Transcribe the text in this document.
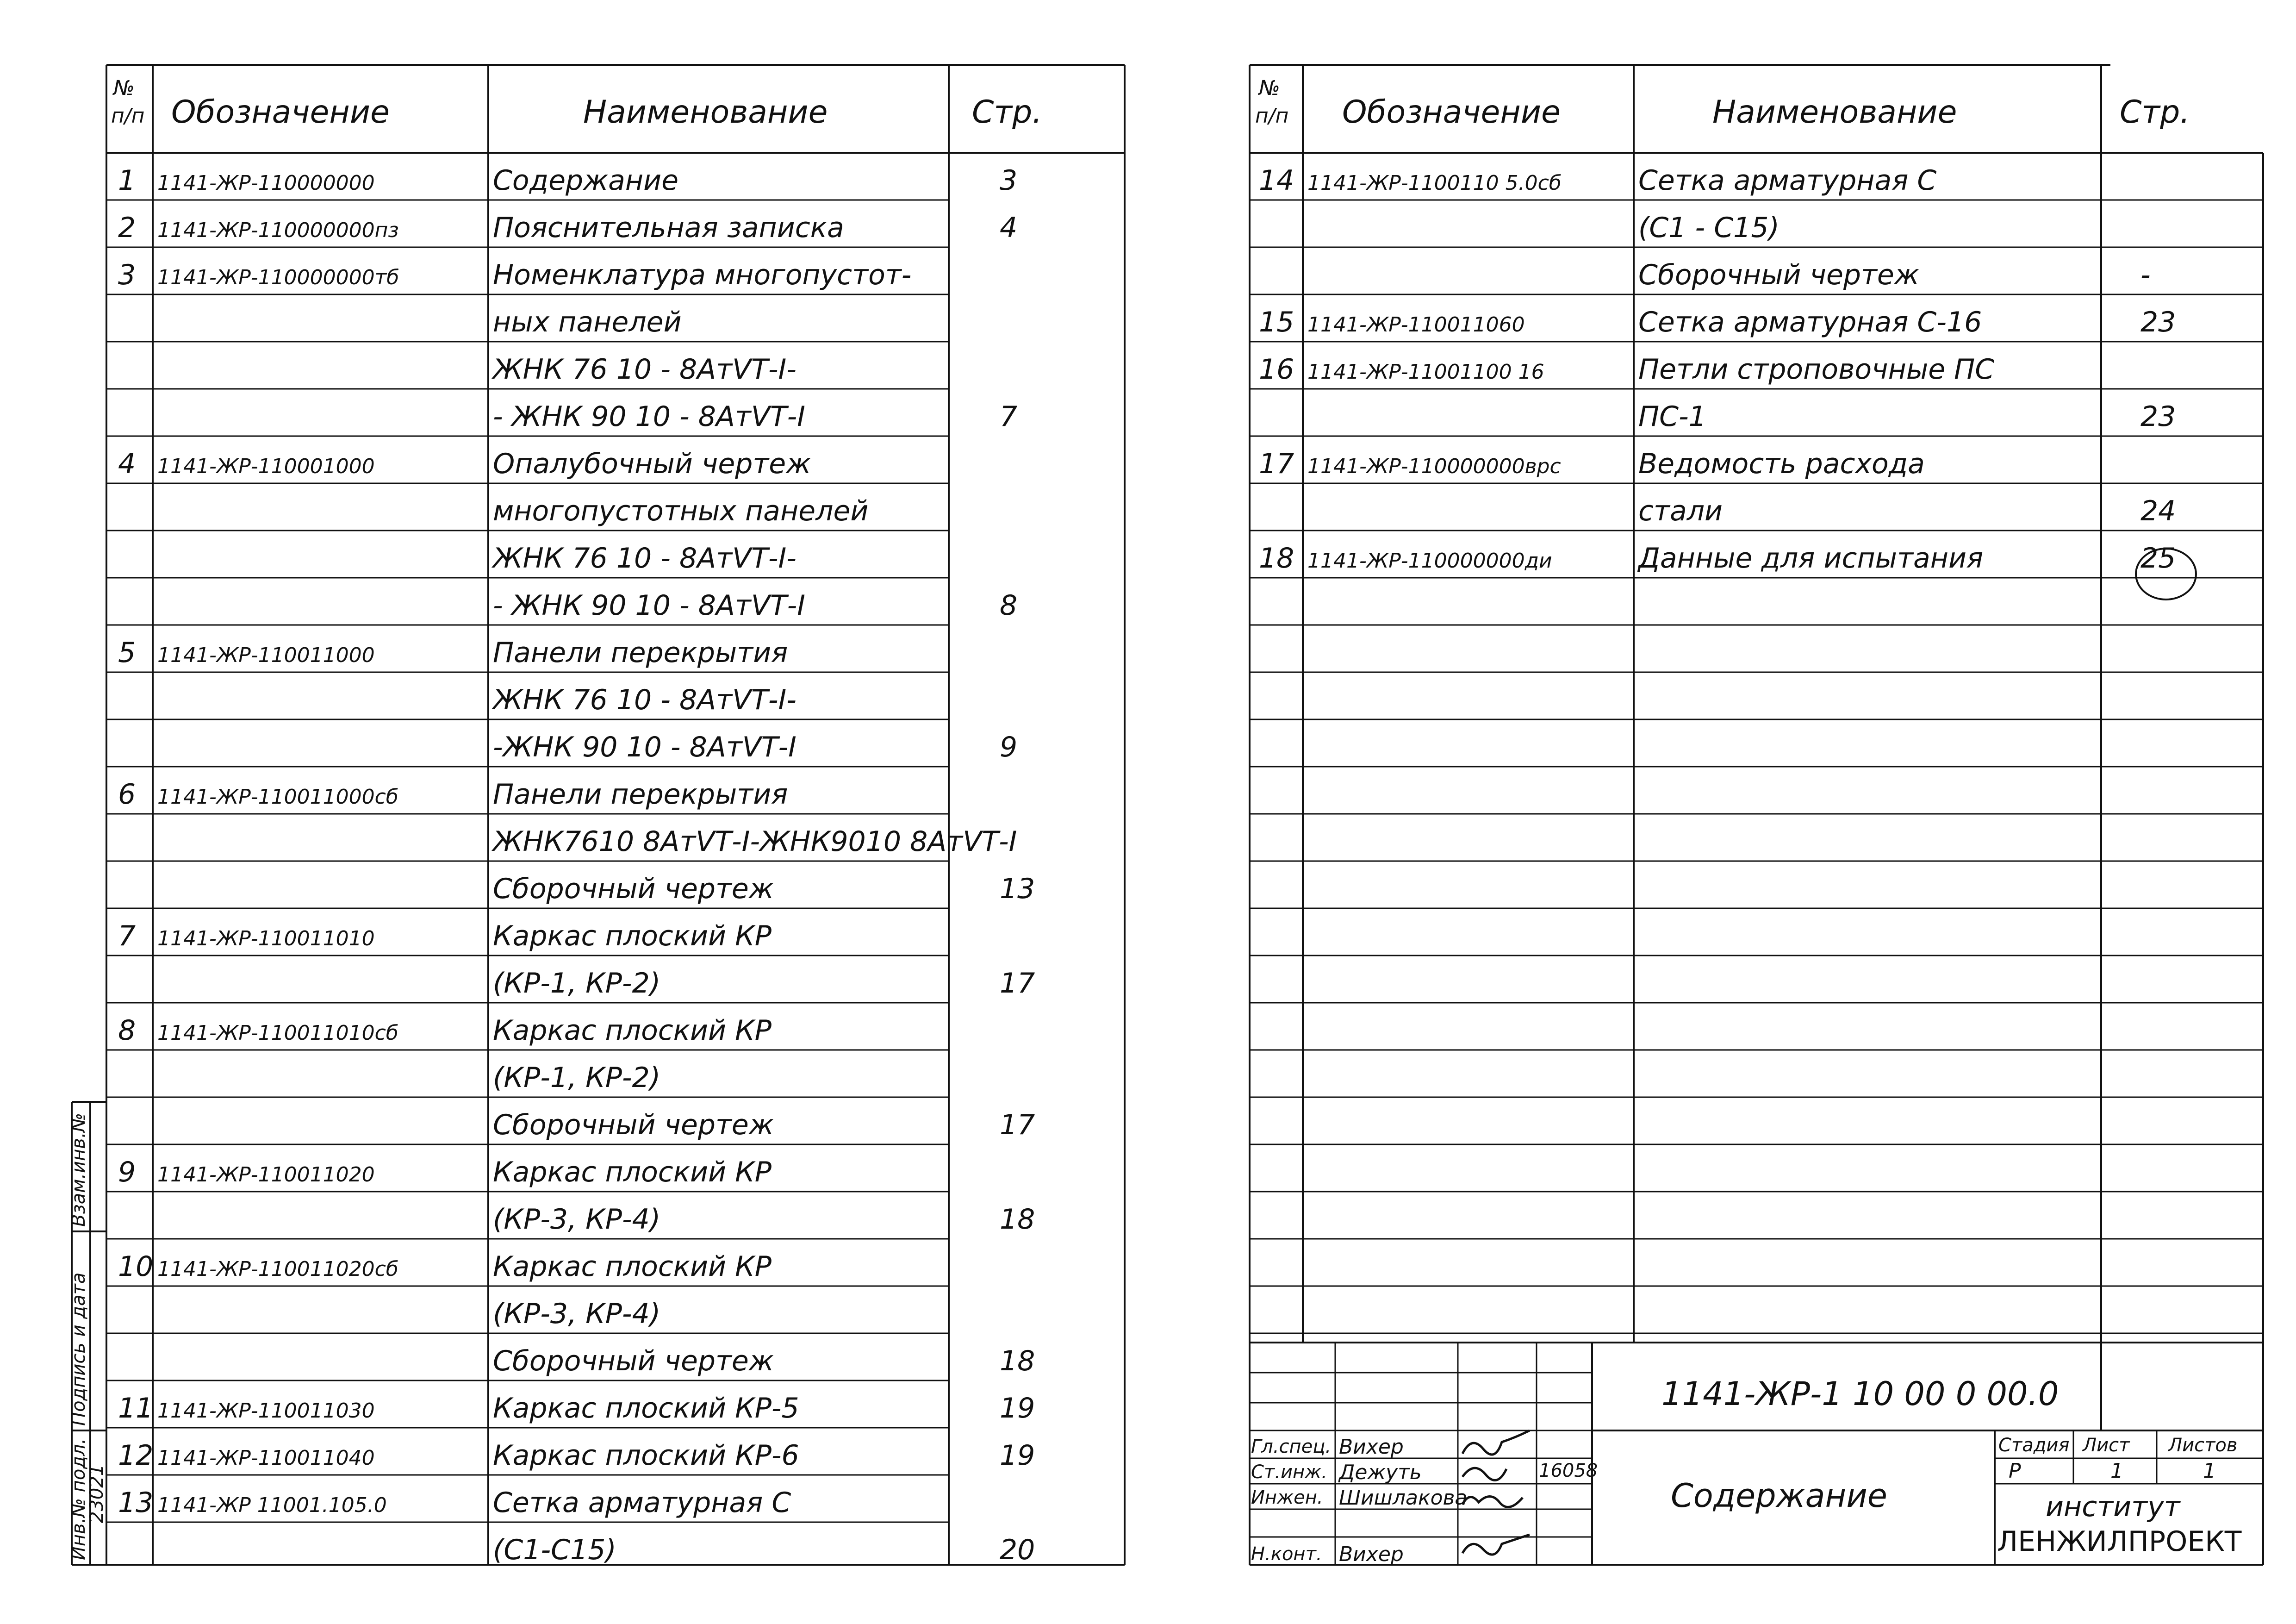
№
п/п Обозначение	Наименование	Стр.
1 1141-ЖР-110000000	Содержание	3
2 1141-ЖР-110000000пз	Пояснительная записка	4
3 1141-ЖР-110000000тб	Номенклатура многопустот-
ных панелей
ЖНК 76 10 - 8АтⅤТ-I-
- ЖНК 90 10 - 8АтⅤТ-I	7
4 1141-ЖР-110001000	Опалубочный чертеж
многопустотных панелей
ЖНК 76 10 - 8АтⅤТ-I-
- ЖНК 90 10 - 8АтⅤТ-I	8
5 1141-ЖР-110011000	Панели перекрытия
ЖНК 76 10 - 8АтⅤТ-I-
-ЖНК 90 10 - 8АтⅤТ-I	9
6 1141-ЖР-110011000сб	Панели перекрытия
ЖНК7610 8АтⅤТ-I-ЖНК9010 8АтⅤТ-I
Сборочный чертеж	13
7 1141-ЖР-110011010	Каркас плоский КР
(КР-1, КР-2)	17
8 1141-ЖР-110011010сб	Каркас плоский КР
(КР-1, КР-2)
Сборочный чертеж	17
9 1141-ЖР-110011020	Каркас плоский КР
(КР-3, КР-4)	18
10 1141-ЖР-110011020сб	Каркас плоский КР
(КР-3, КР-4)
Сборочный чертеж	18
11 1141-ЖР-110011030	Каркас плоский КР-5	19
12 1141-ЖР-110011040	Каркас плоский КР-6	19
13 1141-ЖР 11001.105.0	Сетка арматурная С
(С1-С15)	20
№
п/п Обозначение	Наименование	Стр.
14 1141-ЖР-1100110 5.0сб	Сетка арматурная С
(С1 - С15)
Сборочный чертеж	-
15 1141-ЖР-110011060	Сетка арматурная С-16	23
16 1141-ЖР-11001100 16	Петли строповочные ПС
ПС-1	23
17 1141-ЖР-110000000врс	Ведомость расхода
стали	24
18 1141-ЖР-110000000ди	Данные для испытания	25
1141-ЖР-1 10 00 0 00.0
Содержание
Стадия Лист Листов
Р	1	1
институт
ЛЕНЖИЛПРОЕКТ
Гл.спец. Вихер
Ст.инж. Дежуть	16058
Инжен. Шишлакова
Н.конт. Вихер
Инв.№ подл.
Подпись и дата
Взам.инв.№
23021
